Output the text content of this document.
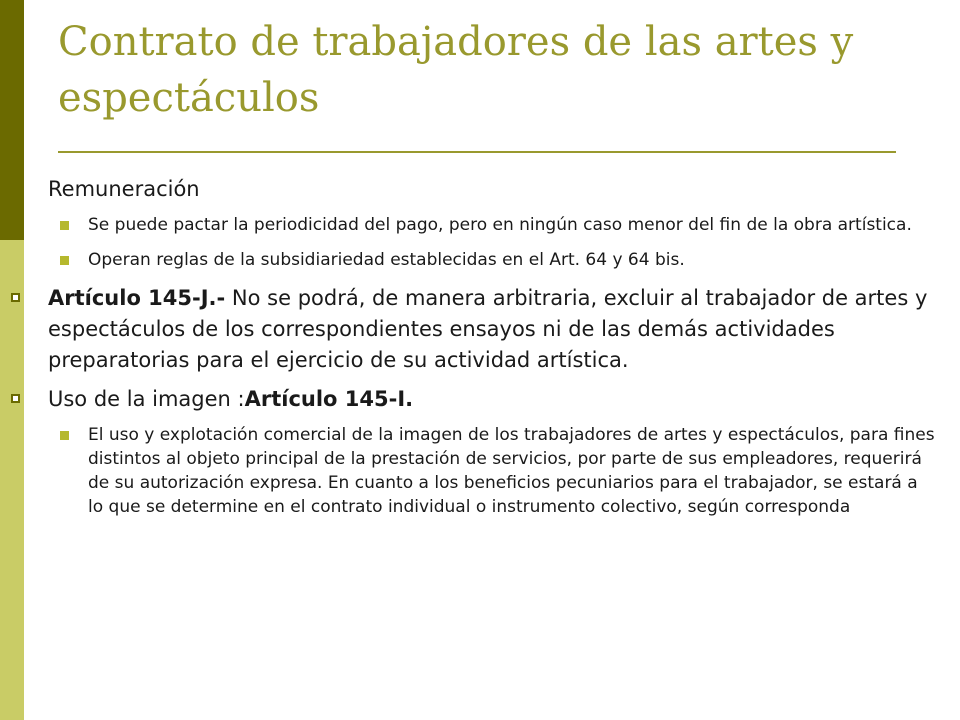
Contrato de trabajadores de las artes y espectáculos
Remuneración
Se puede pactar la periodicidad del pago, pero en ningún caso menor del fin de la obra artística.
Operan reglas de la subsidiariedad establecidas en el Art. 64 y 64 bis.
Artículo 145-J.- No se podrá, de manera arbitraria, excluir al trabajador de artes y espectáculos de los correspondientes ensayos ni de las demás actividades preparatorias para el ejercicio de su actividad artística.
Uso de la imagen :Artículo 145-I.
El uso y explotación comercial de la imagen de los trabajadores de artes y espectáculos, para fines distintos al objeto principal de la prestación de servicios, por parte de sus empleadores, requerirá de su autorización expresa. En cuanto a los beneficios pecuniarios para el trabajador, se estará a lo que se determine en el contrato individual o instrumento colectivo, según corresponda
